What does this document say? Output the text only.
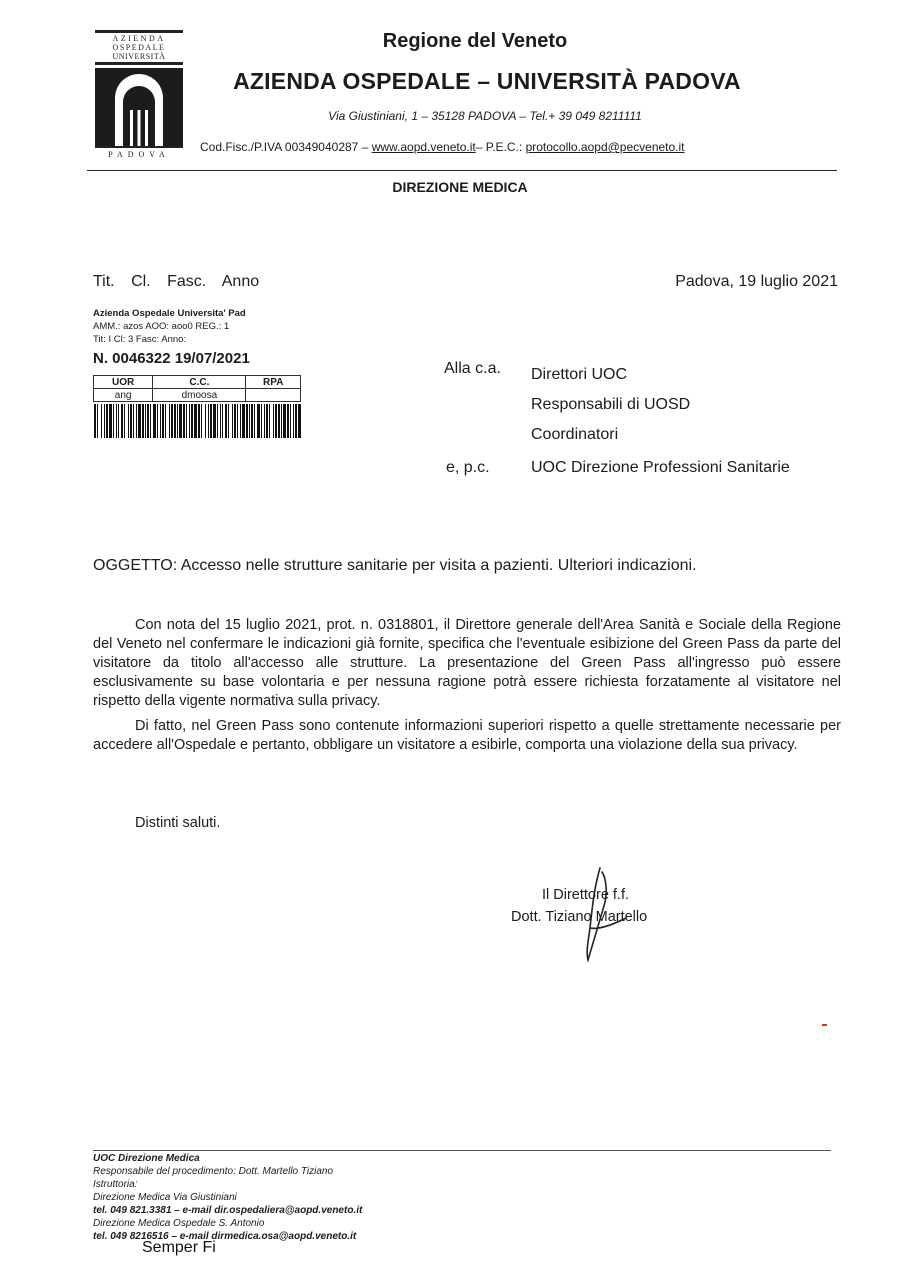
AZIENDA
OSPEDALE
UNIVERSITÀ
PADOVA
Regione del Veneto
AZIENDA OSPEDALE – UNIVERSITÀ PADOVA
Via Giustiniani, 1 – 35128 PADOVA – Tel.+ 39 049 8211111
Cod.Fisc./P.IVA 00349040287 – www.aopd.veneto.it– P.E.C.: protocollo.aopd@pecveneto.it
DIREZIONE MEDICA
Tit. Cl. Fasc. Anno	Padova, 19 luglio 2021
Azienda Ospedale Universita' Pad
AMM.: azos AOO: aoo0 REG.: 1
Tit: I Cl: 3 Fasc: Anno:
N. 0046322 19/07/2021
UOR	C.C.	RPA
ang	dmoosa	
Alla c.a. Direttori UOC
Responsabili di UOSD
Coordinatori
e, p.c.	UOC Direzione Professioni Sanitarie
OGGETTO: Accesso nelle strutture sanitarie per visita a pazienti. Ulteriori indicazioni.

Con nota del 15 luglio 2021, prot. n. 0318801, il Direttore generale dell'Area Sanità e Sociale della Regione del Veneto nel confermare le indicazioni già fornite, specifica che l'eventuale esibizione del Green Pass da parte del visitatore da titolo all'accesso alle strutture. La presentazione del Green Pass all'ingresso può essere esclusivamente su base volontaria e per nessuna ragione potrà essere richiesta forzatamente al visitatore nel rispetto della vigente normativa sulla privacy.

Di fatto, nel Green Pass sono contenute informazioni superiori rispetto a quelle strettamente necessarie per accedere all'Ospedale e pertanto, obbligare un visitatore a esibirle, comporta una violazione della sua privacy.

Distinti saluti.
Il Direttore f.f.
Dott. Tiziano Martello
UOC Direzione Medica
Responsabile del procedimento: Dott. Martello Tiziano
Istruttoria:
Direzione Medica Via Giustiniani
tel. 049 821.3381 – e-mail dir.ospedaliera@aopd.veneto.it
Direzione Medica Ospedale S. Antonio
tel. 049 8216516 – e-mail dirmedica.osa@aopd.veneto.it
Semper Fi
